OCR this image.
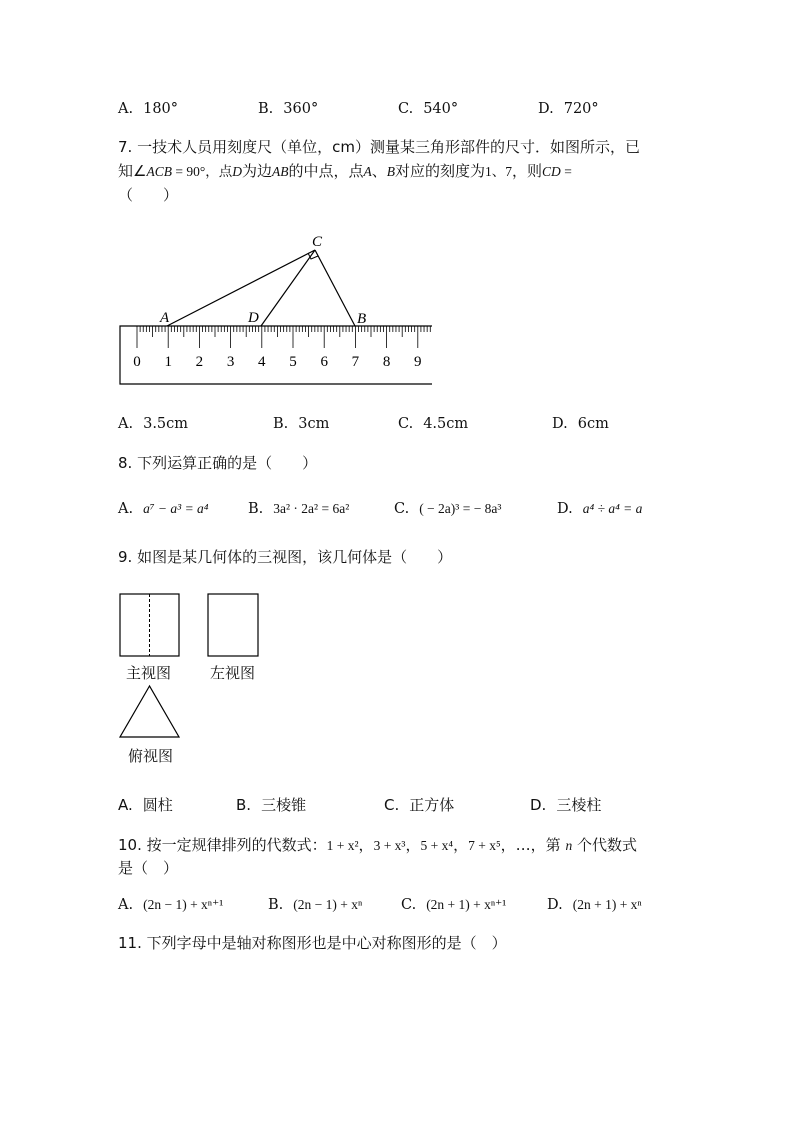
A. 180°	B. 360°	C. 540°	D. 720°
7. 一技术人员用刻度尺（单位，cm）测量某三角形部件的尺寸．如图所示，已
知∠ACB = 90°，点D为边AB的中点，点A、B对应的刻度为1、7，则CD =
（　　）
0 1 2 3 4 5 6 7 8 9
A	D	B
C
A. 3.5cm	B. 3cm	C. 4.5cm	D. 6cm
8. 下列运算正确的是（　　）
A. a⁷ − a³ = a⁴	B. 3a² · 2a² = 6a²	C. ( − 2a)³ = − 8a³	D. a⁴ ÷ a⁴ = a
9. 如图是某几何体的三视图，该几何体是（　　）
主视图	左视图
俯视图
A. 圆柱	B. 三棱锥	C. 正方体	D. 三棱柱
10. 按一定规律排列的代数式：1 + x²，3 + x³，5 + x⁴，7 + x⁵，…，第 n 个代数式
是（　）
A. (2n − 1) + xⁿ⁺¹	B. (2n − 1) + xⁿ	C. (2n + 1) + xⁿ⁺¹	D. (2n + 1) + xⁿ
11. 下列字母中是轴对称图形也是中心对称图形的是（　）
